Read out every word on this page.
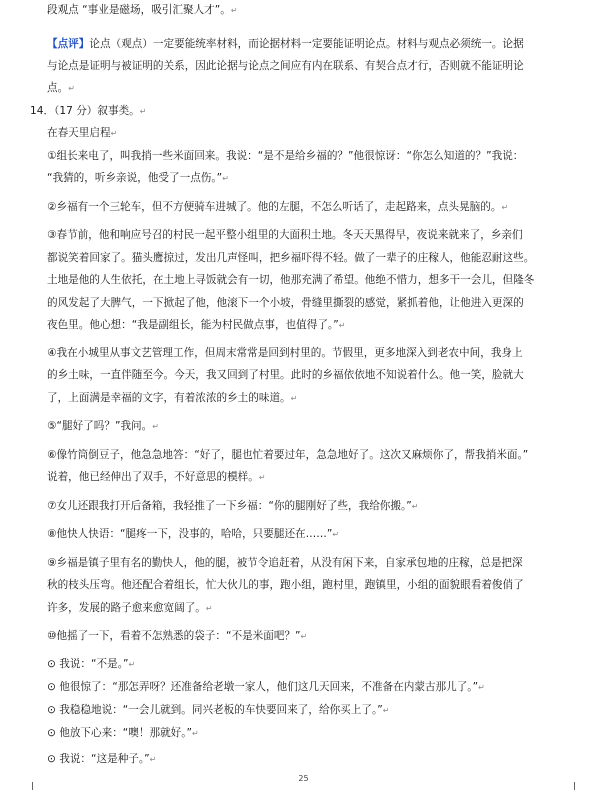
段观点 “事业是磁场，吸引汇聚人才”。↵
【点评】论点（观点）一定要能统率材料，而论据材料一定要能证明论点。材料与观点必须统一。论据
与论点是证明与被证明的关系，因此论据与论点之间应有内在联系、有契合点才行，否则就不能证明论
点。↵
14．（17 分）叙事类。↵
在春天里启程↵
①组长来电了，叫我捎一些米面回来。我说：“是不是给乡福的？”他很惊讶：“你怎么知道的？”我说：
“我猜的，听乡亲说，他受了一点伤。”↵
②乡福有一个三轮车，但不方便骑车进城了。他的左腿，不怎么听话了，走起路来，点头晃脑的。↵
③春节前，他和响应号召的村民一起平整小组里的大面积土地。冬天天黑得早，夜说来就来了，乡亲们
都说笑着回家了。猫头鹰掠过，发出几声怪叫，把乡福吓得不轻。做了一辈子的庄稼人，他能忍耐这些。
土地是他的人生依托，在土地上寻饭就会有一切，他那充满了希望。他绝不惜力，想多干一会儿，但隆冬
的风发起了大脾气，一下掀起了他，他滚下一个小坡，骨缝里撕裂的感觉，紧抓着他，让他进入更深的
夜色里。他心想：“我是副组长，能为村民做点事，也值得了。”↵
④我在小城里从事文艺管理工作，但周末常常是回到村里的。节假里，更多地深入到老农中间，我身上
的乡土味，一直伴随至今。今天，我又回到了村里。此时的乡福依依地不知说着什么。他一笑，脸就大
了，上面满是幸福的文字，有着浓浓的乡土的味道。↵
⑤“腿好了吗？”我问。↵
⑥像竹筒倒豆子，他急急地答：“好了，腿也忙着要过年，急急地好了。这次又麻烦你了，帮我捎米面。”
说着，他已经伸出了双手，不好意思的模样。↵
⑦女儿还跟我打开后备箱，我轻推了一下乡福：“你的腿刚好了些，我给你搬。”↵
⑧他快人快语：“腿疼一下，没事的，哈哈，只要腿还在……”↵
⑨乡福是镇子里有名的勤快人，他的腿，被节令追赶着，从没有闲下来，自家承包地的庄稼，总是把深
秋的枝头压弯。他还配合着组长，忙大伙儿的事，跑小组，跑村里，跑镇里，小组的面貌眼看着俊俏了
许多，发展的路子愈来愈宽阔了。↵
⑩他摇了一下，看着不怎熟悉的袋子：“不是米面吧？”↵
⊙ 我说：“不是。”↵
⊙ 他很惊了：“那怎弄呀？还准备给老墩一家人，他们这几天回来，不准备在内蒙古那儿了。”↵
⊙ 我稳稳地说：“一会儿就到。同兴老板的车快要回来了，给你买上了。”↵
⊙ 他放下心来：“噢！那就好。”↵
⊙ 我说：“这是种子。”↵
25
